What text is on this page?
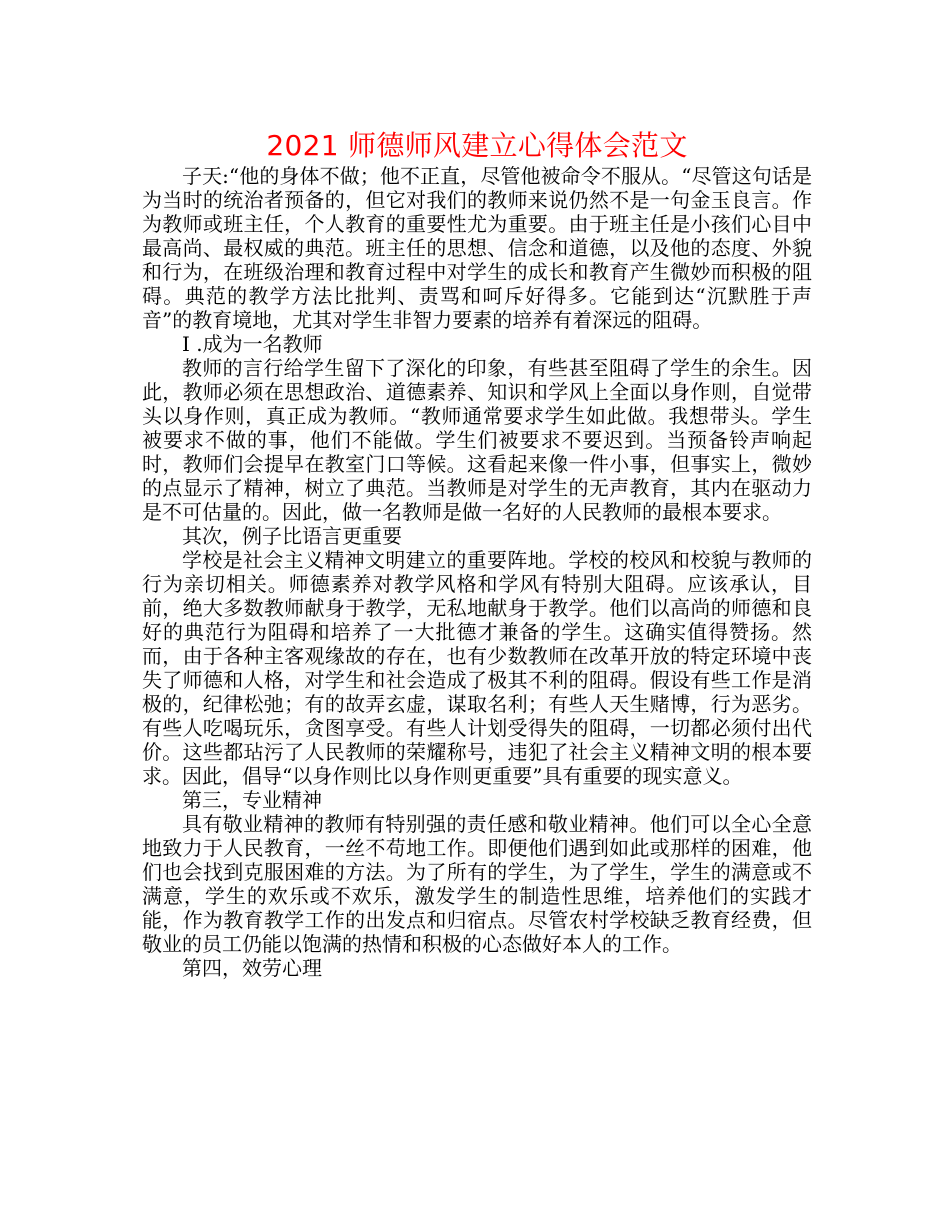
2021 师德师风建立心得体会范文

子天:“他的身体不做；他不正直，尽管他被命令不服从。“尽管这句话是为当时的统治者预备的，但它对我们的教师来说仍然不是一句金玉良言。作为教师或班主任，个人教育的重要性尤为重要。由于班主任是小孩们心目中最高尚、最权威的典范。班主任的思想、信念和道德，以及他的态度、外貌和行为，在班级治理和教育过程中对学生的成长和教育产生微妙而积极的阻碍。典范的教学方法比批判、责骂和呵斥好得多。它能到达“沉默胜于声音”的教育境地，尤其对学生非智力要素的培养有着深远的阻碍。

I .成为一名教师

教师的言行给学生留下了深化的印象，有些甚至阻碍了学生的余生。因此，教师必须在思想政治、道德素养、知识和学风上全面以身作则，自觉带头以身作则，真正成为教师。“教师通常要求学生如此做。我想带头。学生被要求不做的事，他们不能做。学生们被要求不要迟到。当预备铃声响起时，教师们会提早在教室门口等候。这看起来像一件小事，但事实上，微妙的点显示了精神，树立了典范。当教师是对学生的无声教育，其内在驱动力是不可估量的。因此，做一名教师是做一名好的人民教师的最根本要求。

其次，例子比语言更重要

学校是社会主义精神文明建立的重要阵地。学校的校风和校貌与教师的行为亲切相关。师德素养对教学风格和学风有特别大阻碍。应该承认，目前，绝大多数教师献身于教学，无私地献身于教学。他们以高尚的师德和良好的典范行为阻碍和培养了一大批德才兼备的学生。这确实值得赞扬。然而，由于各种主客观缘故的存在，也有少数教师在改革开放的特定环境中丧失了师德和人格，对学生和社会造成了极其不利的阻碍。假设有些工作是消极的，纪律松弛；有的故弄玄虚，谋取名利；有些人天生赌博，行为恶劣。有些人吃喝玩乐，贪图享受。有些人计划受得失的阻碍，一切都必须付出代价。这些都玷污了人民教师的荣耀称号，违犯了社会主义精神文明的根本要求。因此，倡导“以身作则比以身作则更重要”具有重要的现实意义。

第三，专业精神

具有敬业精神的教师有特别强的责任感和敬业精神。他们可以全心全意地致力于人民教育，一丝不苟地工作。即便他们遇到如此或那样的困难，他们也会找到克服困难的方法。为了所有的学生，为了学生，学生的满意或不满意，学生的欢乐或不欢乐，激发学生的制造性思维，培养他们的实践才能，作为教育教学工作的出发点和归宿点。尽管农村学校缺乏教育经费，但敬业的员工仍能以饱满的热情和积极的心态做好本人的工作。

第四，效劳心理
